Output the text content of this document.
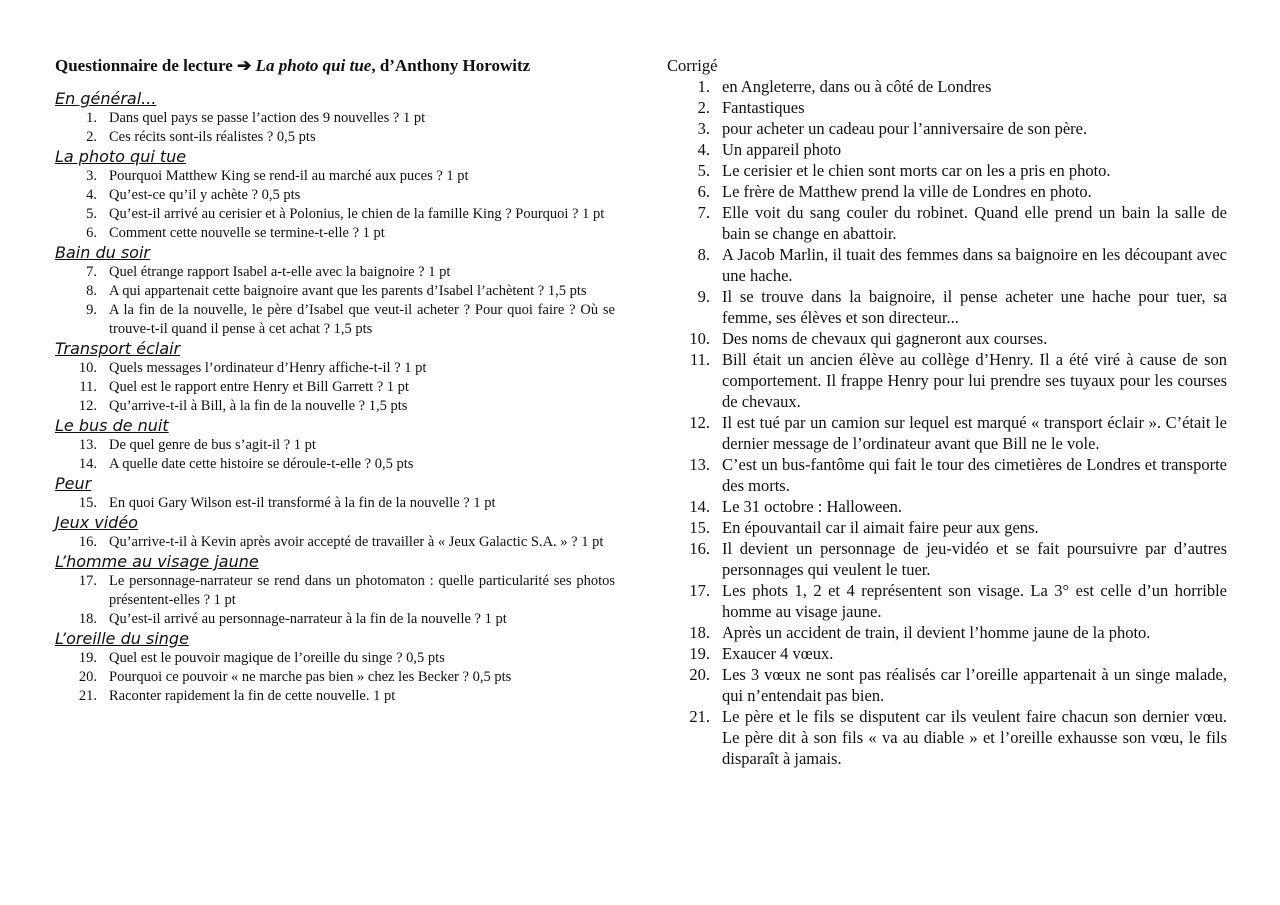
Questionnaire de lecture ➔ La photo qui tue, d’Anthony Horowitz
En général...
1. Dans quel pays se passe l’action des 9 nouvelles ? 1 pt
2. Ces récits sont-ils réalistes ? 0,5 pts
La photo qui tue
3. Pourquoi Matthew King se rend-il au marché aux puces ? 1 pt
4. Qu’est-ce qu’il y achète ? 0,5 pts
5. Qu’est-il arrivé au cerisier et à Polonius, le chien de la famille King ? Pourquoi ? 1 pt
6. Comment cette nouvelle se termine-t-elle ? 1 pt
Bain du soir
7. Quel étrange rapport Isabel a-t-elle avec la baignoire ? 1 pt
8. A qui appartenait cette baignoire avant que les parents d’Isabel l’achètent ? 1,5 pts
9. A la fin de la nouvelle, le père d’Isabel que veut-il acheter ? Pour quoi faire ? Où se trouve-t-il quand il pense à cet achat ? 1,5 pts
Transport éclair
10. Quels messages l’ordinateur d’Henry affiche-t-il ? 1 pt
11. Quel est le rapport entre Henry et Bill Garrett ? 1 pt
12. Qu’arrive-t-il à Bill, à la fin de la nouvelle ? 1,5 pts
Le bus de nuit
13. De quel genre de bus s’agit-il ? 1 pt
14. A quelle date cette histoire se déroule-t-elle ? 0,5 pts
Peur
15. En quoi Gary Wilson est-il transformé à la fin de la nouvelle ? 1 pt
Jeux vidéo
16. Qu’arrive-t-il à Kevin après avoir accepté de travailler à « Jeux Galactic S.A. » ? 1 pt
L’homme au visage jaune
17. Le personnage-narrateur se rend dans un photomaton : quelle particularité ses photos présentent-elles ? 1 pt
18. Qu’est-il arrivé au personnage-narrateur à la fin de la nouvelle ? 1 pt
L’oreille du singe
19. Quel est le pouvoir magique de l’oreille du singe ? 0,5 pts
20. Pourquoi ce pouvoir « ne marche pas bien » chez les Becker ? 0,5 pts
21. Raconter rapidement la fin de cette nouvelle. 1 pt
Corrigé
1. en Angleterre, dans ou à côté de Londres
2. Fantastiques
3. pour acheter un cadeau pour l’anniversaire de son père.
4. Un appareil photo
5. Le cerisier et le chien sont morts car on les a pris en photo.
6. Le frère de Matthew prend la ville de Londres en photo.
7. Elle voit du sang couler du robinet. Quand elle prend un bain la salle de bain se change en abattoir.
8. A Jacob Marlin, il tuait des femmes dans sa baignoire en les découpant avec une hache.
9. Il se trouve dans la baignoire, il pense acheter une hache pour tuer, sa femme, ses élèves et son directeur...
10. Des noms de chevaux qui gagneront aux courses.
11. Bill était un ancien élève au collège d’Henry. Il a été viré à cause de son comportement. Il frappe Henry pour lui prendre ses tuyaux pour les courses de chevaux.
12. Il est tué par un camion sur lequel est marqué « transport éclair ». C’était le dernier message de l’ordinateur avant que Bill ne le vole.
13. C’est un bus-fantôme qui fait le tour des cimetières de Londres et transporte des morts.
14. Le 31 octobre : Halloween.
15. En épouvantail car il aimait faire peur aux gens.
16. Il devient un personnage de jeu-vidéo et se fait poursuivre par d’autres personnages qui veulent le tuer.
17. Les phots 1, 2 et 4 représentent son visage. La 3° est celle d’un horrible homme au visage jaune.
18. Après un accident de train, il devient l’homme jaune de la photo.
19. Exaucer 4 vœux.
20. Les 3 vœux ne sont pas réalisés car l’oreille appartenait à un singe malade, qui n’entendait pas bien.
21. Le père et le fils se disputent car ils veulent faire chacun son dernier vœu. Le père dit à son fils « va au diable » et l’oreille exhausse son vœu, le fils disparaît à jamais.
